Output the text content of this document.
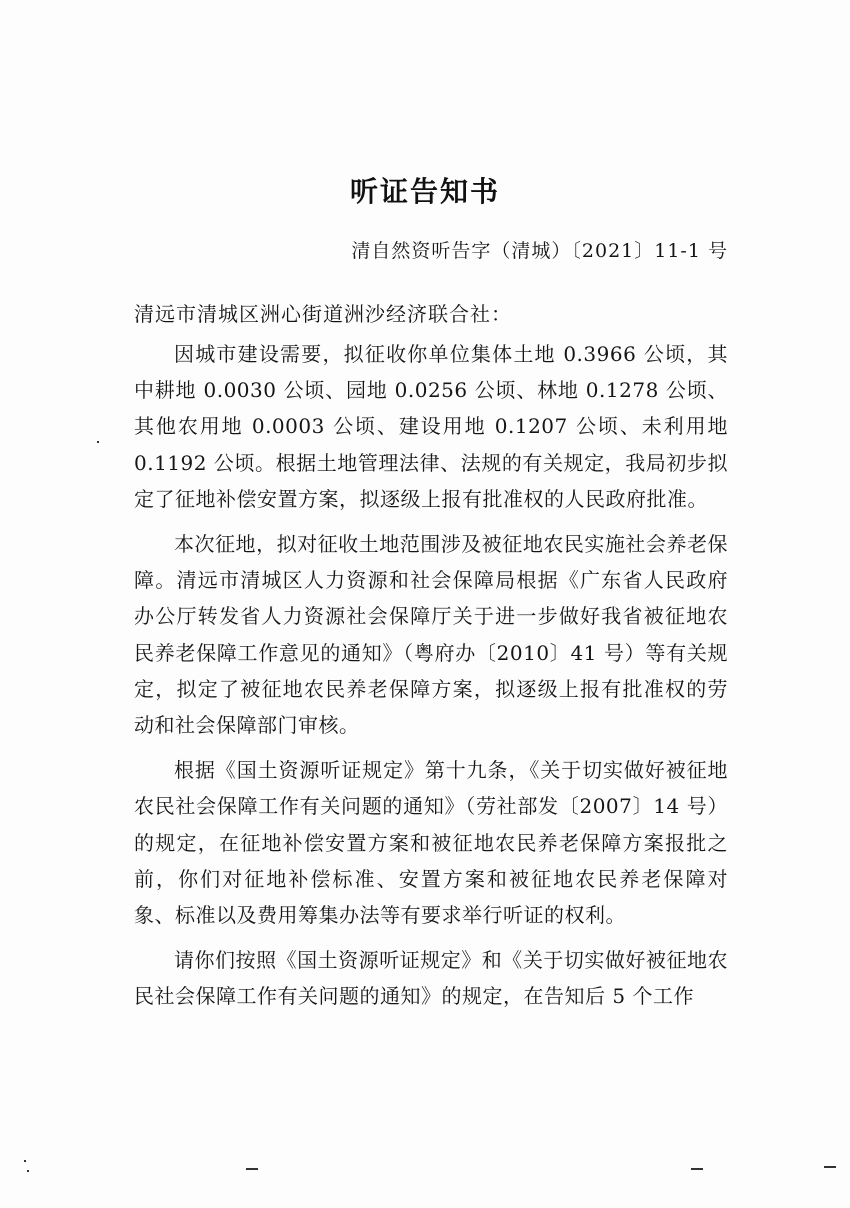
听证告知书
清自然资听告字（清城）〔2021〕11-1 号
清远市清城区洲心街道洲沙经济联合社：

因城市建设需要，拟征收你单位集体土地 0.3966 公顷，其中耕地 0.0030 公顷、园地 0.0256 公顷、林地 0.1278 公顷、其他农用地 0.0003 公顷、建设用地 0.1207 公顷、未利用地 0.1192 公顷。根据土地管理法律、法规的有关规定，我局初步拟定了征地补偿安置方案，拟逐级上报有批准权的人民政府批准。

本次征地，拟对征收土地范围涉及被征地农民实施社会养老保障。清远市清城区人力资源和社会保障局根据《广东省人民政府办公厅转发省人力资源社会保障厅关于进一步做好我省被征地农民养老保障工作意见的通知》（粤府办〔2010〕41 号）等有关规定，拟定了被征地农民养老保障方案，拟逐级上报有批准权的劳动和社会保障部门审核。

根据《国土资源听证规定》第十九条，《关于切实做好被征地农民社会保障工作有关问题的通知》（劳社部发〔2007〕14 号）的规定，在征地补偿安置方案和被征地农民养老保障方案报批之前，你们对征地补偿标准、安置方案和被征地农民养老保障对象、标准以及费用筹集办法等有要求举行听证的权利。

请你们按照《国土资源听证规定》和《关于切实做好被征地农民社会保障工作有关问题的通知》的规定，在告知后 5 个工作
